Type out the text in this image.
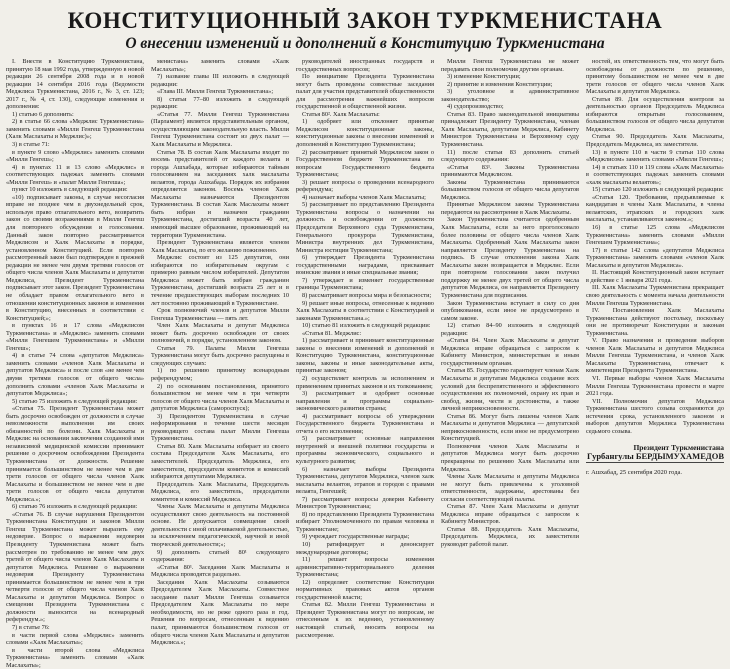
КОНСТИТУЦИОННЫЙ ЗАКОН ТУРКМЕНИСТАНА
О внесении изменений и дополнений в Конституцию Туркменистана

I. Внести в Конституцию Туркменистана, принятую 18 мая 1992 года, утвержденную в новой редакции 26 сентября 2008 года и в новой редакции 14 сентября 2016 года (Ведомости Меджлиса Туркменистана, 2016 г., № 3, ст. 123; 2017 г., № 4, ст. 130), следующие изменения и дополнения:

1) статью 6 дополнить:

2) в статье 66 слова «Меджлис Туркменистана» заменить словами «Милли Генгеш Туркменистана (Халк Маслахаты и Меджлис)»;

3) в статье 71:

в пункте 9 слово «Меджлис» заменить словами «Милли Генгеш»;

4) в пунктах 11 и 13 слово «Меджлис» в соответствующих падежах заменить словами «Милли Генгеш» и «палат Милли Генгеша»;

пункт 10 изложить в следующей редакции:

«10) подписывает законы, в случае несогласия вправе не позднее чем в двухнедельный срок, используя право отлагательного вето, возвратить закон со своими возражениями в Милли Генгеш для повторного обсуждения и голосования. Данный закон повторно рассматривается Меджлисом и Халк Маслахаты в порядке, установленном Конституцией. Если повторно рассмотренный закон был подтвержден в прежней редакции не менее чем двумя третями голосов от общего числа членов Халк Маслахаты и депутатов Меджлиса, Президент Туркменистана подписывает этот закон. Президент Туркменистана не обладает правом отлагательного вето в отношении конституционных законов и изменения в Конституцию, внесенных в соответствии с Конституцией;»;

в пунктах 16 и 17 слова «Меджлисом Туркменистана» и «Меджлис» заменить словами «Милли Генгешем Туркменистана» и «Милли Генгеш»;

4) в статье 74 слова «депутатов Меджлиса» заменить словами «членов Халк Маслахаты и депутатов Меджлиса» и после слов «не менее чем двумя третями голосов от общего числа» дополнить словами «членов Халк Маслахаты и депутатов Меджлиса»;

5) статью 75 изложить в следующей редакции:

«Статья 75. Президент Туркменистана может быть досрочно освобожден от должности в случае невозможности выполнения им своих обязанностей по болезни. Халк Маслахаты и Меджлис на основании заключения созданной ими независимой медицинской комиссии принимают решение о досрочном освобождении Президента Туркменистана от должности. Решение принимается большинством не менее чем в две трети голосов от общего числа членов Халк Маслахаты и большинством не менее чем в две трети голосов от общего числа депутатов Меджлиса.»;

6) статью 76 изложить в следующей редакции:

«Статья 76. В случае нарушения Президентом Туркменистана Конституции и законов Милли Генгеш Туркменистана может выразить ему недоверие. Вопрос о выражении недоверия Президенту Туркменистана может быть рассмотрен по требованию не менее чем двух третей от общего числа членов Халк Маслахаты и депутатов Меджлиса. Решение о выражении недоверия Президенту Туркменистана принимается большинством не менее чем в три четверти голосов от общего числа членов Халк Маслахаты и депутатов Меджлиса. Вопрос о смещении Президента Туркменистана с должности выносится на всенародный референдум.»;

7) в статье 76:

в части первой слова «Меджлис» заменить словами «Халк Маслахаты»;

в части второй слова «Меджлиса Туркменистана» заменить словами «Халк Маслахаты»;

менистана» заменить словами «Халк Маслахаты»;

7) название главы III изложить в следующей редакции:

«Глава III. Милли Генгеш Туркменистана»;

8) статьи 77–80 изложить в следующей редакции:

«Статья 77. Милли Генгеш Туркменистана (Парламент) является представительным органом, осуществляющим законодательную власть. Милли Генгеш Туркменистана состоит из двух палат — Халк Маслахаты и Меджлиса.

Статья 78. В состав Халк Маслахаты входят по восемь представителей от каждого велаята и города Ашхабада, которые избираются тайным голосованием на заседаниях халк маслахаты велаятов, города Ашхабада. Порядок их избрания определяется законом. Восемь членов Халк Маслахаты назначаются Президентом Туркменистана. В состав Халк Маслахаты может быть избран и назначен гражданин Туркменистана, достигший возраста 40 лет, имеющий высшее образование, проживающий на территории Туркменистана.

Президент Туркменистана является членом Халк Маслахаты, по его желанию пожизненно.

Меджлис состоит из 125 депутатов, они избираются по избирательным округам с примерно равным числом избирателей. Депутатом Меджлиса может быть избран гражданин Туркменистана, достигший возраста 25 лет и в течение предшествующих выборам последних 10 лет постоянно проживающий в Туркменистане.

Срок полномочий членов и депутатов Милли Генгеша Туркменистана — пять лет.

Член Халк Маслахаты и депутат Меджлиса может быть досрочно освобожден от своих полномочий, в порядке, установленном законом.

Статья 79. Палаты Милли Генгеша Туркменистана могут быть досрочно распущены в следующих случаях:

1) по решению принятому всенародным референдумом;

2) по основаниям постановления, принятого большинством не менее чем в три четверти голосов от общего числа членов Халк Маслахаты и депутатов Меджлиса (самороспуск);

3) Президентом Туркменистана в случае неформирования в течение шести месяцев руководящего состава палат Милли Генгеша Туркменистана.

Статья 80. Халк Маслахаты избирает из своего состава Председателя Халк Маслахаты, его заместителей. Председатель Меджлиса, его заместители, председатели комитетов и комиссий избираются депутатами Меджлиса.

Председатель Халк Маслахаты, Председатель Меджлиса, его заместитель, председатели комитетов и комиссий Меджлиса.

Члены Халк Маслахаты и депутаты Меджлиса осуществляют свою деятельность на постоянной основе. Не допускается совмещение своей деятельности с иной оплачиваемой деятельностью, за исключением педагогической, научной и иной творческой деятельности;»;

9) дополнить статьей 80¹ следующего содержания:

«Статья 80¹. Заседания Халк Маслахаты и Меджлиса проводятся раздельно.

Заседания Халк Маслахаты созываются Председателем Халк Маслахаты. Совместное заседание палат Милли Генгеша созывается Председателем Халк Маслахаты по мере необходимости, но не реже одного раза в год. Решения по вопросам, отнесенным к ведению палат, принимаются большинством голосов от общего числа членов Халк Маслахаты и депутатов Меджлиса.»;

руководителей иностранных государств и государственных вопросов;

По инициативе Президента Туркменистана могут быть проведены совместные заседания палат для участия представителей общественности для рассмотрения важнейших вопросов государственной и общественной жизни.

Статья 80². Халк Маслахаты:

1) одобряет или отклоняет принятые Меджлисом конституционные законы, конституционные законы о внесении изменений и дополнений в Конституцию Туркменистана;

2) рассматривает принятый Меджлисом закон о Государственном бюджете Туркменистана по вопросам Государственного бюджета Туркменистана;

3) решает вопросы о проведении всенародного референдума;

4) назначает выборы членов Халк Маслахаты;

5) рассматривает по представлению Президента Туркменистана вопросы о назначении на должность и освобождении от должности Председателя Верховного суда Туркменистана, Генерального прокурора Туркменистана, Министра внутренних дел Туркменистана, Министра юстиции Туркменистана;

6) утверждает Президента Туркменистана государственными наградами, присваивает воинские звания и иные специальные звания;

7) утверждает и изменяет государственные границы Туркменистана;

8) рассматривает вопросы мира и безопасности;

9) решает иные вопросы, отнесенные к ведению Халк Маслахаты в соответствии с Конституцией и законами Туркменистана.»;

10) статью 81 изложить в следующей редакции:

«Статья 81. Меджлис:

1) рассматривает и принимает конституционные законы о внесении изменений и дополнений в Конституцию Туркменистана, конституционные законы, законы и иные законодательные акты, принятые законом;

2) осуществляет контроль за исполнением и применением принятых законов и их толкованием;

3) рассматривает и одобряет основные направления и программы социально-экономического развития страны;

4) рассматривает вопросы об утверждении Государственного бюджета Туркменистана и отчета о его исполнении;

5) рассматривает основные направления внутренней и внешней политики государства и программы экономического, социального и культурного развития;

6) назначает выборы Президента Туркменистана, депутатов Меджлиса, членов халк маслахаты велаятов, этрапов и городов с правами велаята, Генгешей;

7) рассматривает вопросы доверия Кабинету Министров Туркменистана;

8) по представлению Президента Туркменистана избирает Уполномоченного по правам человека в Туркменистане;

9) учреждает государственные награды;

10) ратифицирует и денонсирует международные договоры;

11) решает вопросы изменения административно-территориального деления Туркменистана;

12) определяет соответствие Конституции нормативных правовых актов органов государственной власти;

Статья 82. Милли Генгеш Туркменистана и Президент Туркменистана могут по вопросам, не отнесенным к их ведению, установленному настоящей статьей, вносить вопросы на рассмотрение.

Милли Генгеш Туркменистана не может передавать свои полномочия другим органам.

3) изменение Конституции;

2) принятие и изменения Конституции;

3) уголовное и административное законодательство;

4) судопроизводство;

Статья 83. Право законодательной инициативы принадлежит Президенту Туркменистана, членам Халк Маслахаты, депутатам Меджлиса, Кабинету Министров Туркменистана и Верховному суду Туркменистана.

11) после статьи 83 дополнить статьей следующего содержания:

«Статья 83¹. Законы Туркменистана принимаются Меджлисом.

Законы Туркменистана принимаются большинством голосов от общего числа депутатов Меджлиса.

Принятые Меджлисом законы Туркменистана передаются на рассмотрение в Халк Маслахаты.

Закон Туркменистана считается одобренным Халк Маслахаты, если за него проголосовало более половины от общего числа членов Халк Маслахаты. Одобренный Халк Маслахаты закон направляется Президенту Туркменистана на подпись. В случае отклонения закона Халк Маслахаты закон возвращается в Меджлис. Если при повторном голосовании закон получил поддержку не менее двух третей от общего числа депутатов Меджлиса, он направляется Президенту Туркменистана для подписания.

Закон Туркменистана вступает в силу со дня опубликования, если иное не предусмотрено в самом законе.

12) статью 84–90 изложить в следующей редакции:

«Статья 84. Член Халк Маслахаты и депутат Меджлиса вправе обращаться с запросом к Кабинету Министров, министерствам и иным государственным органам.

Статья 85. Государство гарантирует членам Халк Маслахаты и депутатам Меджлиса создание всех условий для беспрепятственного и эффективного осуществления их полномочий, охрану их прав и свобод, жизни, чести и достоинства, а также личной неприкосновенности.

Статья 86. Могут быть лишены членов Халк Маслахаты и депутатов Меджлиса — депутатской неприкосновенности, если иное не предусмотрено Конституцией.

Полномочия членов Халк Маслахаты и депутатов Меджлиса могут быть досрочно прекращены по решению Халк Маслахаты или Меджлиса.

Члены Халк Маслахаты и депутаты Меджлиса не могут быть привлечены к уголовной ответственности, задержаны, арестованы без согласия соответствующей палаты.

Статья 87. Член Халк Маслахаты и депутат Меджлиса вправе обращаться с запросом к Кабинету Министров.

Статья 88. Председатель Халк Маслахаты, Председатель Меджлиса, их заместители руководят работой палат.

ностей, их ответственность тем, что могут быть освобождены от должности по решению, принятому большинством не менее чем в две трети голосов от общего числа членов Халк Маслахаты и депутатов Меджлиса.

Статья 89. Для осуществления контроля за деятельностью органов Председатель Меджлиса избираются открытым голосованием, большинством голосов от общего числа депутатов Меджлиса.

Статья 90. Председатель Халк Маслахаты, Председатель Меджлиса, их заместители.

13) в пункте 110 в части 9 статьи 110 слова «Меджлисом» заменить словами «Милли Генгеш»;

14) в статьях 110 и 119 слова «Халк Маслахаты» в соответствующих падежах заменить словами «халк маслахаты велаятов»;

15) статью 120 изложить в следующей редакции:

«Статья 120. Требования, предъявляемые к кандидатам в члены Халк Маслахаты, в члены велаятских, этрапских и городских халк маслахаты, устанавливаются законом.»;

16) в статье 125 слова «Меджлисом Туркменистана» заменить словами «Милли Генгешем Туркменистана»;

17) в статье 142 слова «депутатов Меджлиса Туркменистана» заменить словами «членов Халк Маслахаты и депутатов Меджлиса».

II. Настоящий Конституционный закон вступает в действие с 1 января 2021 года.

III. Халк Маслахаты Туркменистана прекращает свою деятельность с момента начала деятельности Милли Генгеша Туркменистана.

IV. Постановления Халк Маслахаты Туркменистана действуют постольку, поскольку они не противоречат Конституции и законам Туркменистана.

V. Право назначения и проведения выборов членов Халк Маслахаты и депутатов Меджлиса Милли Генгеша Туркменистана, и членов Халк Маслахаты Туркменистана, отвечает к компетенции Президента Туркменистана.

VI. Первые выборы членов Халк Маслахаты Милли Генгеша Туркменистана провести в марте 2021 года.

VII. Полномочия депутатов Меджлиса Туркменистана шестого созыва сохраняются до истечения срока, установленного законом и выборов депутатов Меджлиса Туркменистана седьмого созыва.

Президент Туркменистана
Гурбангулы БЕРДЫМУХАМЕДОВ
г. Ашхабад, 25 сентября 2020 года.
